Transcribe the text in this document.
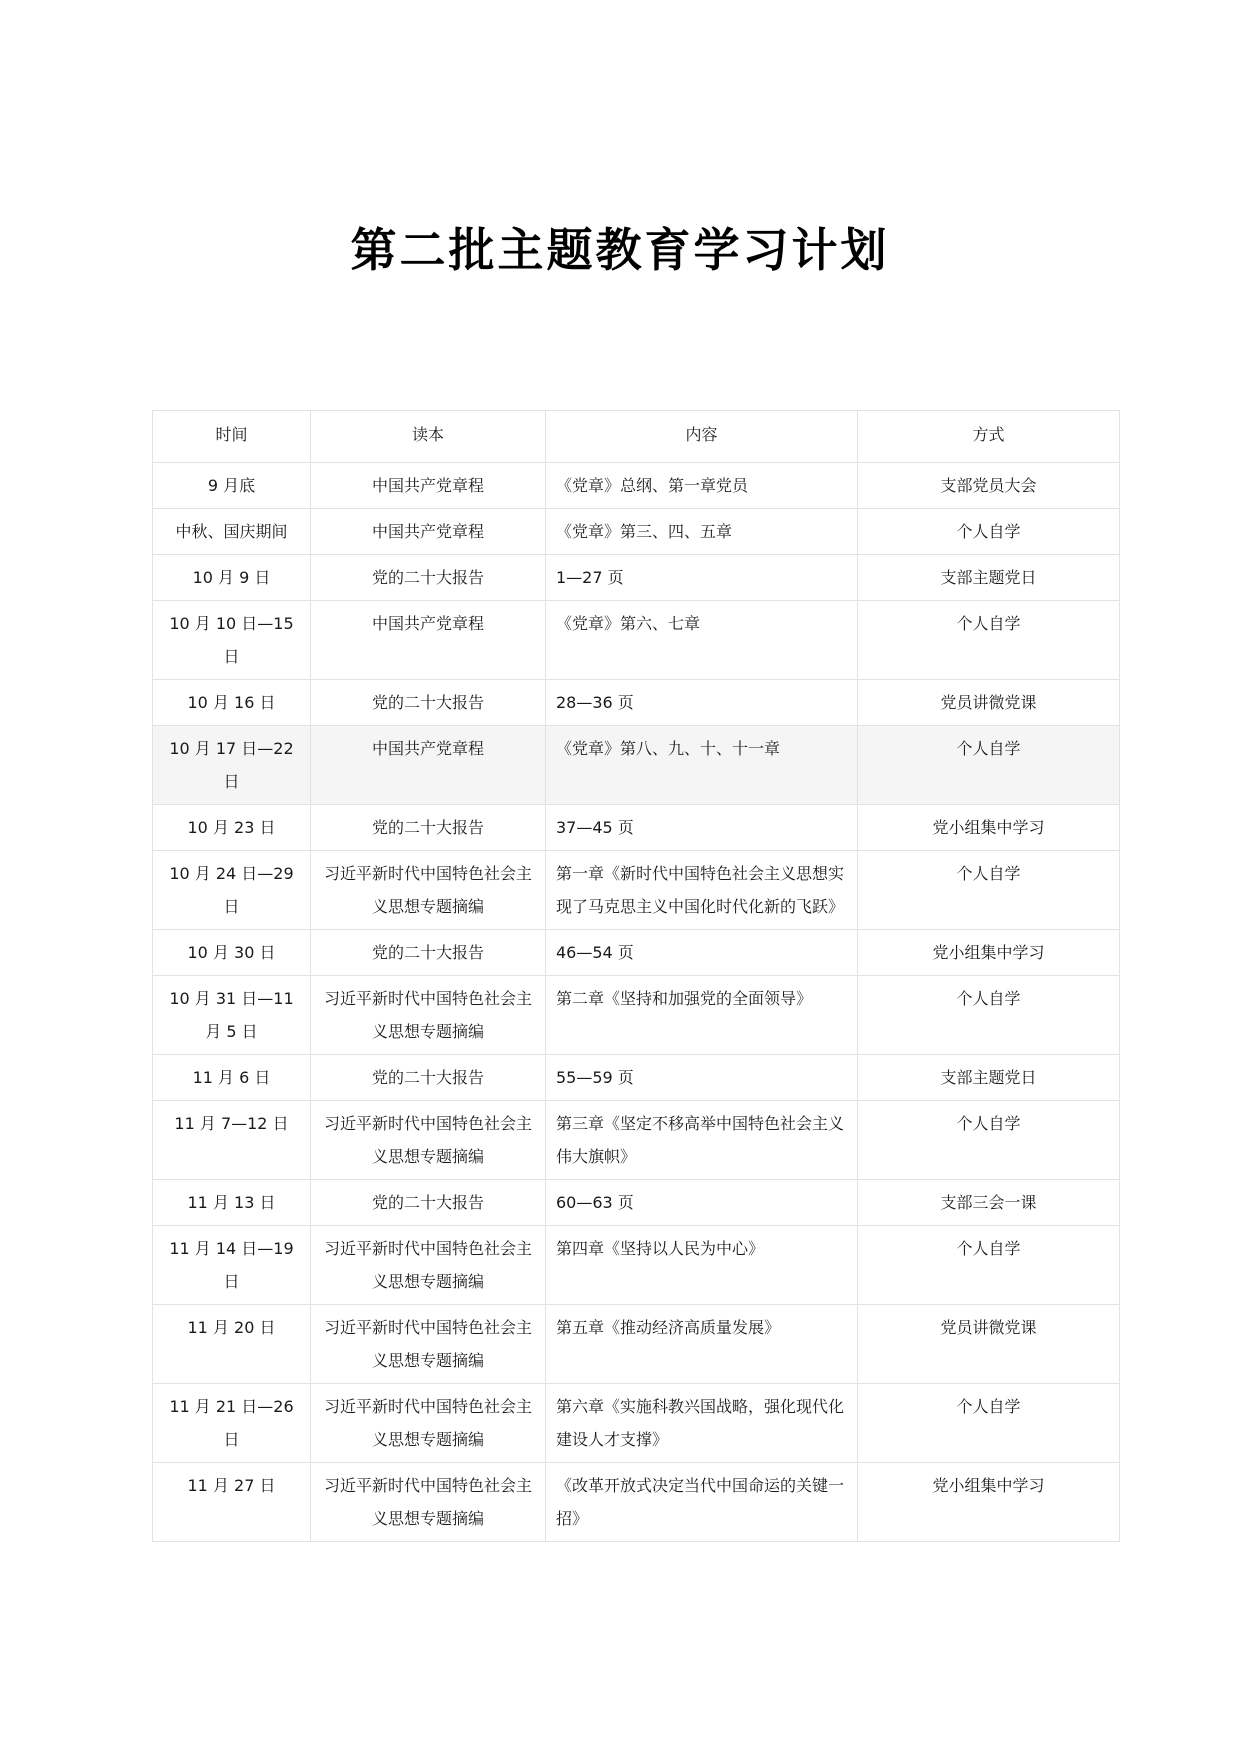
第二批主题教育学习计划
时间	读本	内容	方式
9 月底	中国共产党章程	《党章》总纲、第一章党员	支部党员大会
中秋、国庆期间	中国共产党章程	《党章》第三、四、五章	个人自学
10 月 9 日	党的二十大报告	1—27 页	支部主题党日
10 月 10 日—15 日	中国共产党章程	《党章》第六、七章	个人自学
10 月 16 日	党的二十大报告	28—36 页	党员讲微党课
10 月 17 日—22 日	中国共产党章程	《党章》第八、九、十、十一章	个人自学
10 月 23 日	党的二十大报告	37—45 页	党小组集中学习
10 月 24 日—29 日	习近平新时代中国特色社会主义思想专题摘编	第一章《新时代中国特色社会主义思想实现了马克思主义中国化时代化新的飞跃》	个人自学
10 月 30 日	党的二十大报告	46—54 页	党小组集中学习
10 月 31 日—11 月 5 日	习近平新时代中国特色社会主义思想专题摘编	第二章《坚持和加强党的全面领导》	个人自学
11 月 6 日	党的二十大报告	55—59 页	支部主题党日
11 月 7—12 日	习近平新时代中国特色社会主义思想专题摘编	第三章《坚定不移高举中国特色社会主义伟大旗帜》	个人自学
11 月 13 日	党的二十大报告	60—63 页	支部三会一课
11 月 14 日—19 日	习近平新时代中国特色社会主义思想专题摘编	第四章《坚持以人民为中心》	个人自学
11 月 20 日	习近平新时代中国特色社会主义思想专题摘编	第五章《推动经济高质量发展》	党员讲微党课
11 月 21 日—26 日	习近平新时代中国特色社会主义思想专题摘编	第六章《实施科教兴国战略，强化现代化建设人才支撑》	个人自学
11 月 27 日	习近平新时代中国特色社会主义思想专题摘编	《改革开放式决定当代中国命运的关键一招》	党小组集中学习
